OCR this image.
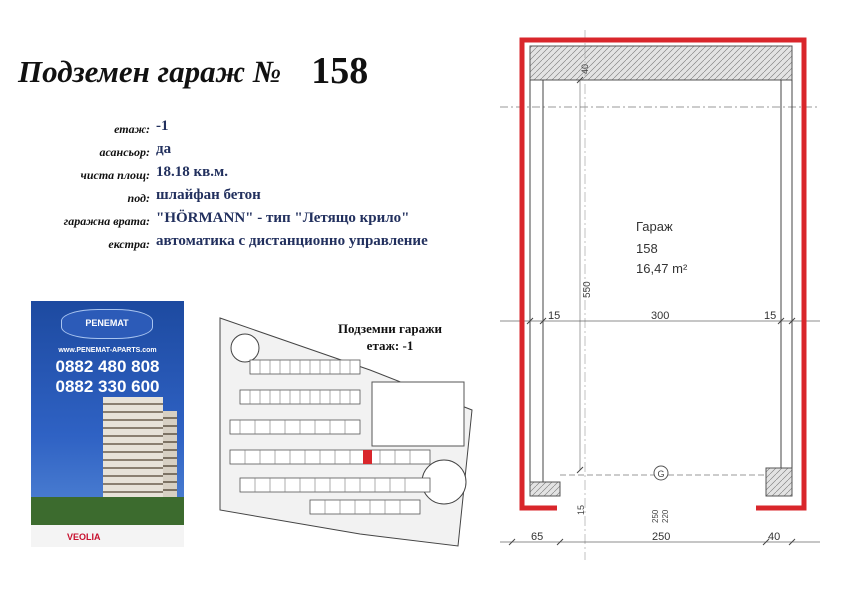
Подземен гараж № 158
етаж: -1
асансьор: да
чиста площ: 18.18 кв.м.
под: шлайфан бетон
гаражна врата: "HÖRMANN" - тип "Летящо крило"
екстра: автоматика с дистанционно управление
PENEMAT
www.PENEMAT-APARTS.com
0882 480 808
0882 330 600
VEOLIA
Подземни гаражи
етаж: -1
G
Гараж
158
16,47 m²
550
40
15	300	15
65	250	40
250 220
15
